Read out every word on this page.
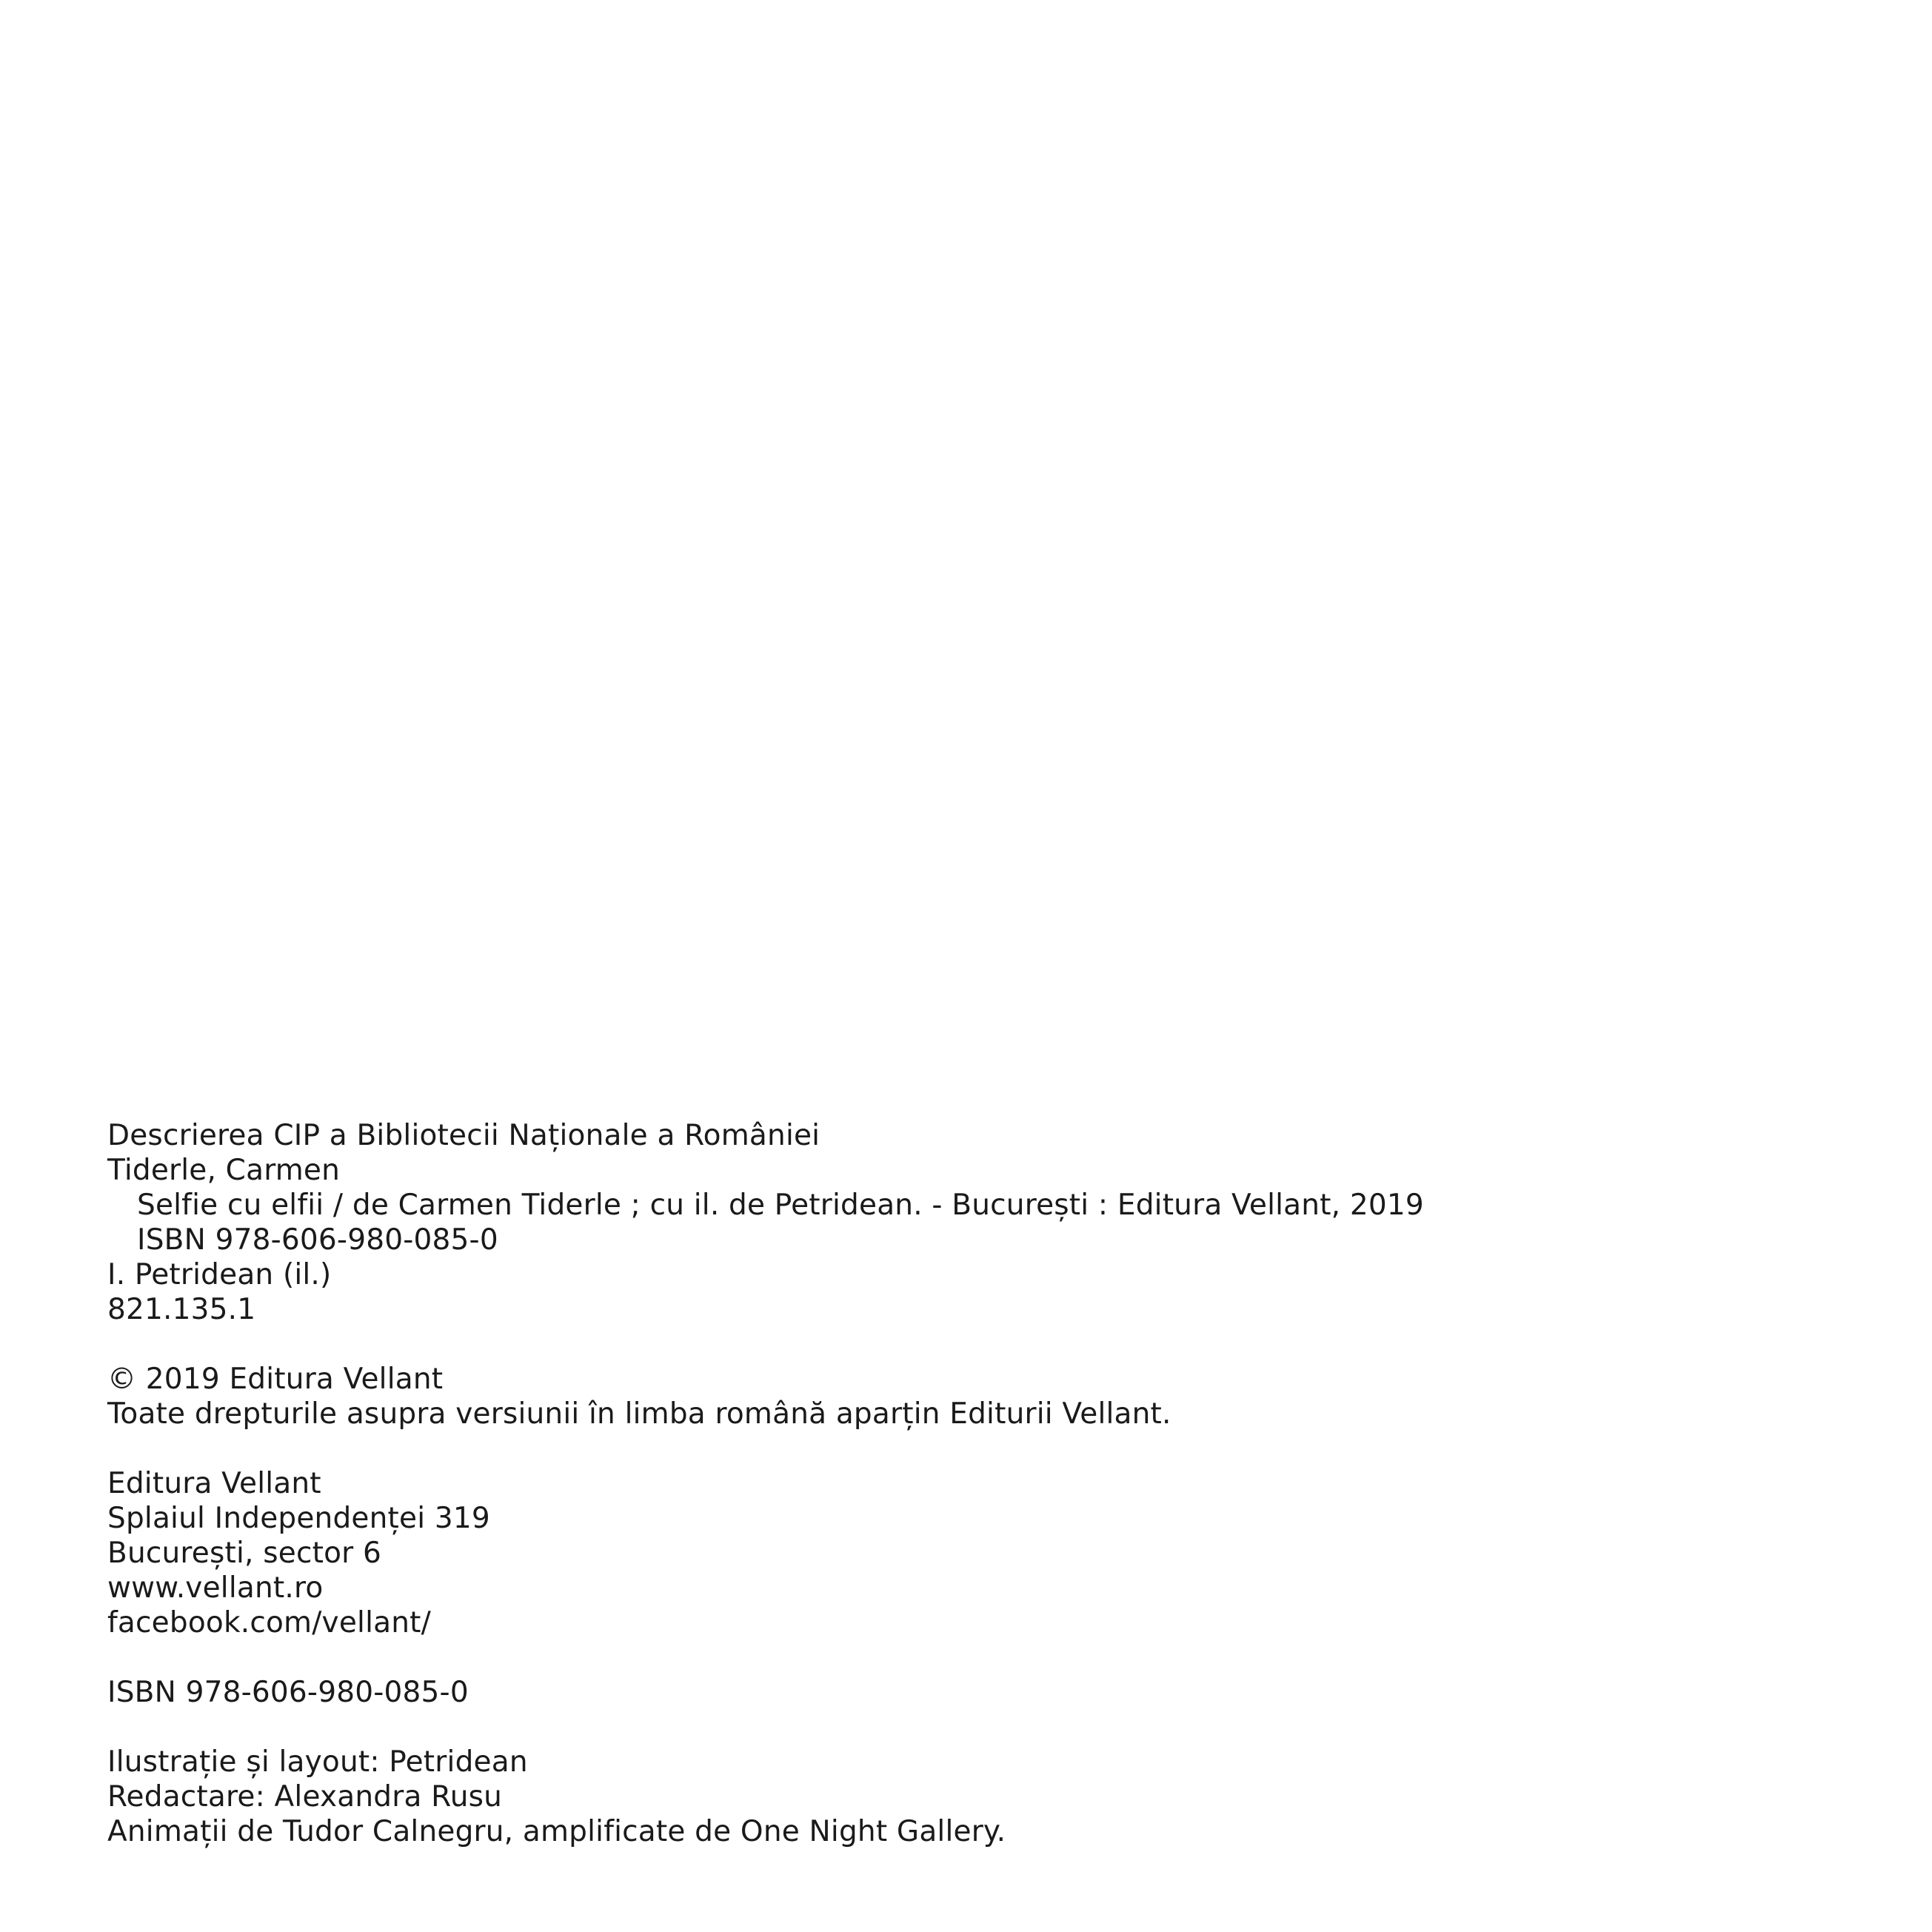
Descrierea CIP a Bibliotecii Naționale a României
Tiderle, Carmen
Selfie cu elfii / de Carmen Tiderle ; cu il. de Petridean. - București : Editura Vellant, 2019
ISBN 978-606-980-085-0
I. Petridean (il.)
821.135.1
© 2019 Editura Vellant
Toate drepturile asupra versiunii în limba română aparțin Editurii Vellant.
Editura Vellant
Splaiul Independenței 319
București, sector 6
www.vellant.ro
facebook.com/vellant/
ISBN 978-606-980-085-0
Ilustrație și layout: Petridean
Redactare: Alexandra Rusu
Animații de Tudor Calnegru, amplificate de One Night Gallery.
